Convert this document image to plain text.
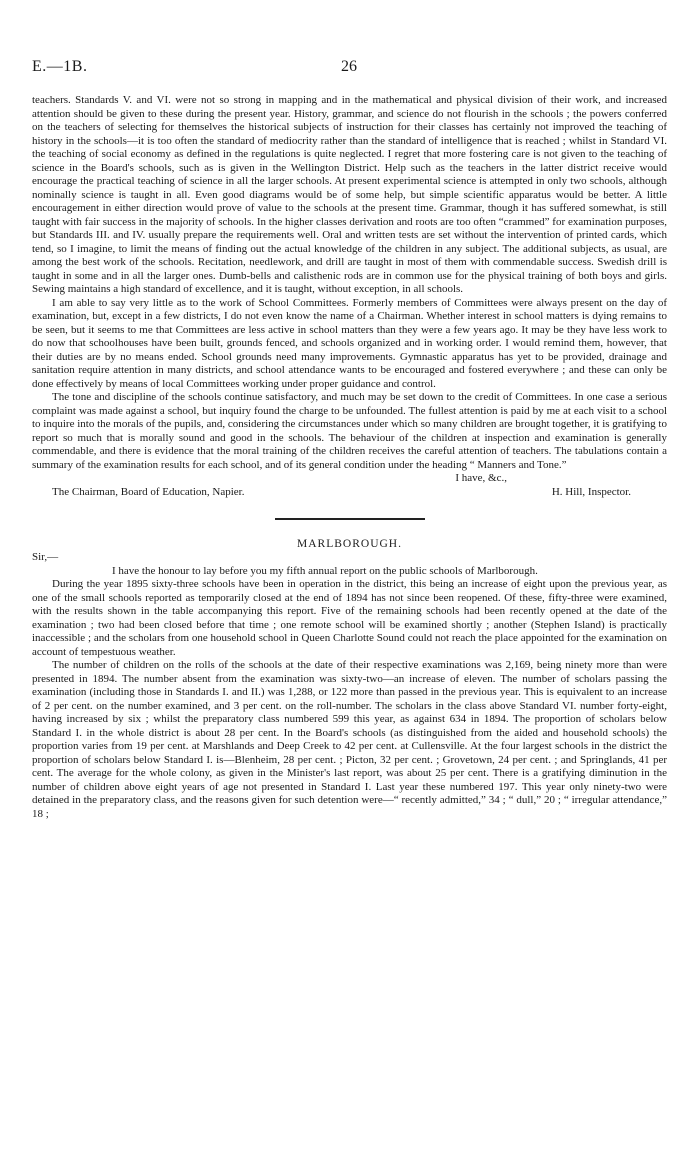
E.—1B.	26

teachers. Standards V. and VI. were not so strong in mapping and in the mathematical and physical division of their work, and increased attention should be given to these during the present year. History, grammar, and science do not flourish in the schools ; the powers conferred on the teachers of selecting for themselves the historical subjects of instruction for their classes has certainly not improved the teaching of history in the schools—it is too often the standard of mediocrity rather than the standard of intelligence that is reached ; whilst in Standard VI. the teaching of social economy as defined in the regulations is quite neglected. I regret that more fostering care is not given to the teaching of science in the Board's schools, such as is given in the Wellington District. Help such as the teachers in the latter district receive would encourage the practical teaching of science in all the larger schools. At present experimental science is attempted in only two schools, although nominally science is taught in all. Even good diagrams would be of some help, but simple scientific apparatus would be better. A little encouragement in either direction would prove of value to the schools at the present time. Grammar, though it has suffered somewhat, is still taught with fair success in the majority of schools. In the higher classes derivation and roots are too often “crammed” for examination purposes, but Standards III. and IV. usually prepare the requirements well. Oral and written tests are set without the intervention of printed cards, which tend, so I imagine, to limit the means of finding out the actual knowledge of the children in any subject. The additional subjects, as usual, are among the best work of the schools. Recitation, needlework, and drill are taught in most of them with commendable success. Swedish drill is taught in some and in all the larger ones. Dumb-bells and calisthenic rods are in common use for the physical training of both boys and girls. Sewing maintains a high standard of excellence, and it is taught, without exception, in all schools.

I am able to say very little as to the work of School Committees. Formerly members of Committees were always present on the day of examination, but, except in a few districts, I do not even know the name of a Chairman. Whether interest in school matters is dying remains to be seen, but it seems to me that Committees are less active in school matters than they were a few years ago. It may be they have less work to do now that schoolhouses have been built, grounds fenced, and schools organized and in working order. I would remind them, however, that their duties are by no means ended. School grounds need many improvements. Gymnastic apparatus has yet to be provided, drainage and sanitation require attention in many districts, and school attendance wants to be encouraged and fostered everywhere ; and these can only be done effectively by means of local Committees working under proper guidance and control.

The tone and discipline of the schools continue satisfactory, and much may be set down to the credit of Committees. In one case a serious complaint was made against a school, but inquiry found the charge to be unfounded. The fullest attention is paid by me at each visit to a school to inquire into the morals of the pupils, and, considering the circumstances under which so many children are brought together, it is gratifying to report so much that is morally sound and good in the schools. The behaviour of the children at inspection and examination is generally commendable, and there is evidence that the moral training of the children receives the careful attention of teachers. The tabulations contain a summary of the examination results for each school, and of its general condition under the heading “ Manners and Tone.”

I have, &c.,

The Chairman, Board of Education, Napier.	H. Hill, Inspector.

MARLBOROUGH.

Sir,—

I have the honour to lay before you my fifth annual report on the public schools of Marlborough.

During the year 1895 sixty-three schools have been in operation in the district, this being an increase of eight upon the previous year, as one of the small schools reported as temporarily closed at the end of 1894 has not since been reopened. Of these, fifty-three were examined, with the results shown in the table accompanying this report. Five of the remaining schools had been recently opened at the date of the examination ; two had been closed before that time ; one remote school will be examined shortly ; another (Stephen Island) is practically inaccessible ; and the scholars from one household school in Queen Charlotte Sound could not reach the place appointed for the examination on account of tempestuous weather.

The number of children on the rolls of the schools at the date of their respective examinations was 2,169, being ninety more than were presented in 1894. The number absent from the examination was sixty-two—an increase of eleven. The number of scholars passing the examination (including those in Standards I. and II.) was 1,288, or 122 more than passed in the previous year. This is equivalent to an increase of 2 per cent. on the number examined, and 3 per cent. on the roll-number. The scholars in the class above Standard VI. number forty-eight, having increased by six ; whilst the preparatory class numbered 599 this year, as against 634 in 1894. The proportion of scholars below Standard I. in the whole district is about 28 per cent. In the Board's schools (as distinguished from the aided and household schools) the proportion varies from 19 per cent. at Marshlands and Deep Creek to 42 per cent. at Cullensville. At the four largest schools in the district the proportion of scholars below Standard I. is—Blenheim, 28 per cent. ; Picton, 32 per cent. ; Grovetown, 24 per cent. ; and Springlands, 41 per cent. The average for the whole colony, as given in the Minister's last report, was about 25 per cent. There is a gratifying diminution in the number of children above eight years of age not presented in Standard I. Last year these numbered 197. This year only ninety-two were detained in the preparatory class, and the reasons given for such detention were—“ recently admitted,” 34 ; “ dull,” 20 ; “ irregular attendance,” 18 ;
